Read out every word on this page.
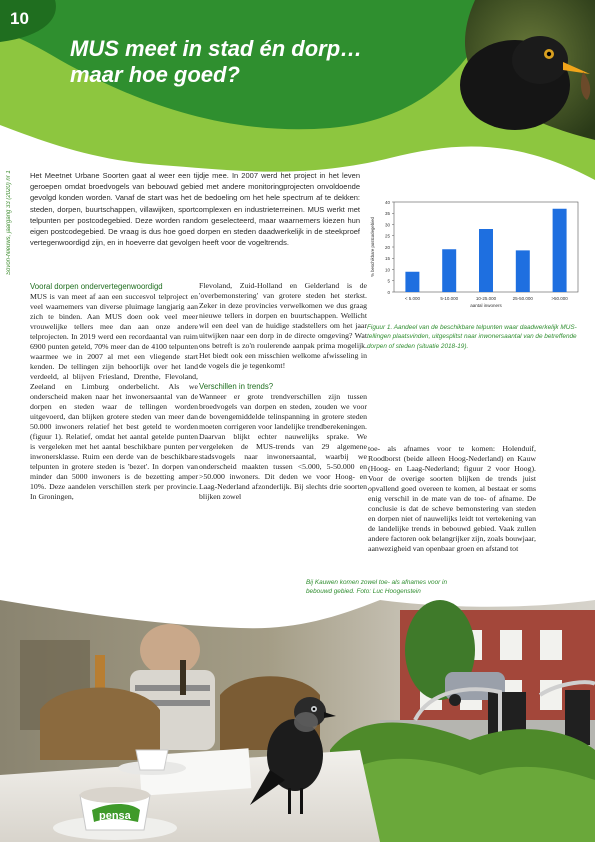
10
MUS meet in stad én dorp…
maar hoe goed?
Sovon-Nieuws, jaargang 33 (2020) nr 1	Het Meetnet Urbane Soorten gaat al weer een tijdje mee. In 2007 werd het project in het leven geroepen omdat broedvogels van bebouwd gebied met andere monitoringprojecten onvoldoende gevolgd konden worden. Vanaf de start was het de bedoeling om het hele spectrum af te dekken: steden, dorpen, buurtschappen, villawijken, sportcomplexen en industrieterreinen. MUS werkt met telpunten per postcodegebied. Deze worden random geselecteerd, maar waarnemers kiezen hun eigen postcodegebied. De vraag is dus hoe goed dorpen en steden daadwerkelijk in de steekproef vertegenwoordigd zijn, en in hoeverre dat gevolgen heeft voor de vogeltrends.
0
5
10
15
20
25
30
35
40
< 5.000	5-10.000	10-25.000	25-50.000	>50.000
aantal inwoners
% beschikbare postcodegebied
Figuur 1. Aandeel van de beschikbare telpunten waar daadwerkelijk MUS-tellingen plaatsvinden, uitgesplitst naar inwonersaantal van de betreffende dorpen of steden (situatie 2018-19).
Vooral dorpen ondervertegenwoordigd

MUS is van meet af aan een succesvol telproject en veel waarnemers van diverse pluimage langjarig aan zich te binden. Aan MUS doen ook veel meer vrouwelijke tellers mee dan aan onze andere telprojecten. In 2019 werd een recordaantal van ruim 6900 punten geteld, 70% meer dan de 4100 telpunten waarmee we in 2007 al met een vliegende start kenden. De tellingen zijn behoorlijk over het land verdeeld, al blijven Friesland, Drenthe, Flevoland, Zeeland en Limburg onderbelicht. Als we onderscheid maken naar het inwonersaantal van de dorpen en steden waar de tellingen worden uitgevoerd, dan blijken grotere steden van meer dan 50.000 inwoners relatief het best geteld te worden (figuur 1). Relatief, omdat het aantal getelde punten is vergeleken met het aantal beschikbare punten per inwonersklasse. Ruim een derde van de beschikbare telpunten in grotere steden is 'bezet'. In dorpen van minder dan 5000 inwoners is de bezetting amper 10%. Deze aandelen verschillen sterk per provincie. In Groningen,

Flevoland, Zuid-Holland en Gelderland is de 'overbemonstering' van grotere steden het sterkst. Zeker in deze provincies verwelkomen we dus graag nieuwe tellers in dorpen en buurtschappen. Wellicht wil een deel van de huidige stadstellers om het jaar uitwijken naar een dorp in de directe omgeving? Wat ons betreft is zo'n roulerende aanpak prima mogelijk. Het biedt ook een misschien welkome afwisseling in de vogels die je tegenkomt!

Verschillen in trends?

Wanneer er grote trendverschillen zijn tussen broedvogels van dorpen en steden, zouden we voor de bovengemiddelde telinspanning in grotere steden moeten corrigeren voor landelijke trendberekeningen. Daarvan blijkt echter nauwelijks sprake. We vergeleken de MUS-trends van 29 algemene stadsvogels naar inwonersaantal, waarbij we onderscheid maakten tussen <5.000, 5-50.000 en >50.000 inwoners. Dit deden we voor Hoog- en Laag-Nederland afzonderlijk. Bij slechts drie soorten blijken zowel

toe- als afnames voor te komen: Holenduif, Roodborst (beide alleen Hoog-Nederland) en Kauw (Hoog- en Laag-Nederland; figuur 2 voor Hoog). Voor de overige soorten blijken de trends juist opvallend goed overeen te komen, al bestaat er soms enig verschil in de mate van de toe- of afname. De conclusie is dat de scheve bemonstering van steden en dorpen niet of nauwelijks leidt tot vertekening van de landelijke trends in bebouwd gebied. Vaak zullen andere factoren ook belangrijker zijn, zoals bouwjaar, aanwezigheid van openbaar groen en afstand tot

Bij Kauwen komen zowel toe- als afnames voor in bebouwd gebied. Foto: Luc Hoogenstein
pensa
